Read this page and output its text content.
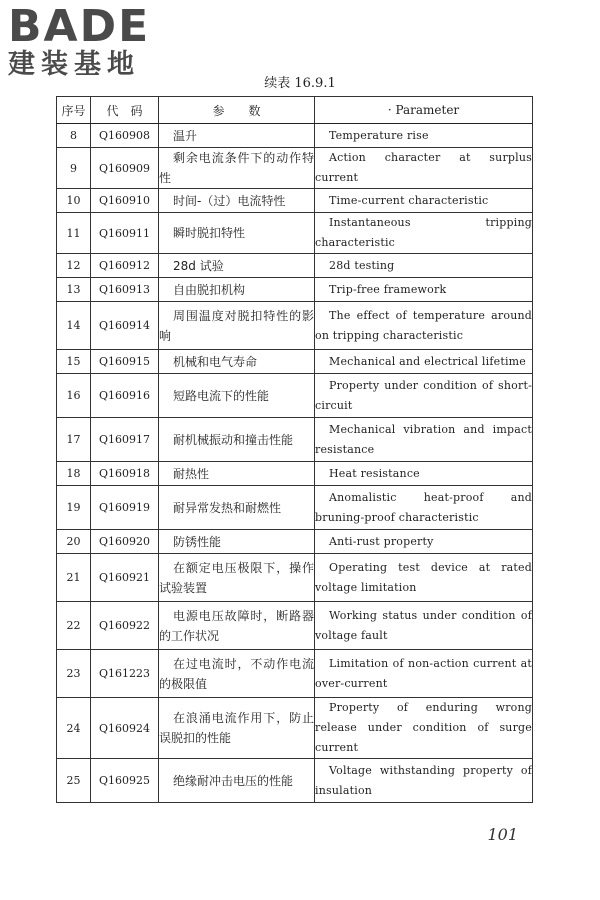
BADE
建装基地
续表 16.9.1
序号	代　码	参　　数	· Parameter
8	Q160908	温升	Temperature rise
9	Q160909	剩余电流条件下的动作特性	Action character at surplus current
10	Q160910	时间-（过）电流特性	Time-current characteristic
11	Q160911	瞬时脱扣特性	Instantaneous tripping characteristic
12	Q160912	28d 试验	28d testing
13	Q160913	自由脱扣机构	Trip-free framework
14	Q160914	周围温度对脱扣特性的影响	The effect of temperature around on tripping characteristic
15	Q160915	机械和电气寿命	Mechanical and electrical lifetime
16	Q160916	短路电流下的性能	Property under condition of short-circuit
17	Q160917	耐机械振动和撞击性能	Mechanical vibration and impact resistance
18	Q160918	耐热性	Heat resistance
19	Q160919	耐异常发热和耐燃性	Anomalistic heat-proof and bruning-proof characteristic
20	Q160920	防锈性能	Anti-rust property
21	Q160921	在额定电压极限下，操作试验装置	Operating test device at rated voltage limitation
22	Q160922	电源电压故障时，断路器的工作状况	Working status under condition of voltage fault
23	Q161223	在过电流时，不动作电流的极限值	Limitation of non-action current at over-current
24	Q160924	在浪涌电流作用下，防止误脱扣的性能	Property of enduring wrong release under condition of surge current
25	Q160925	绝缘耐冲击电压的性能	Voltage withstanding property of insulation
101
